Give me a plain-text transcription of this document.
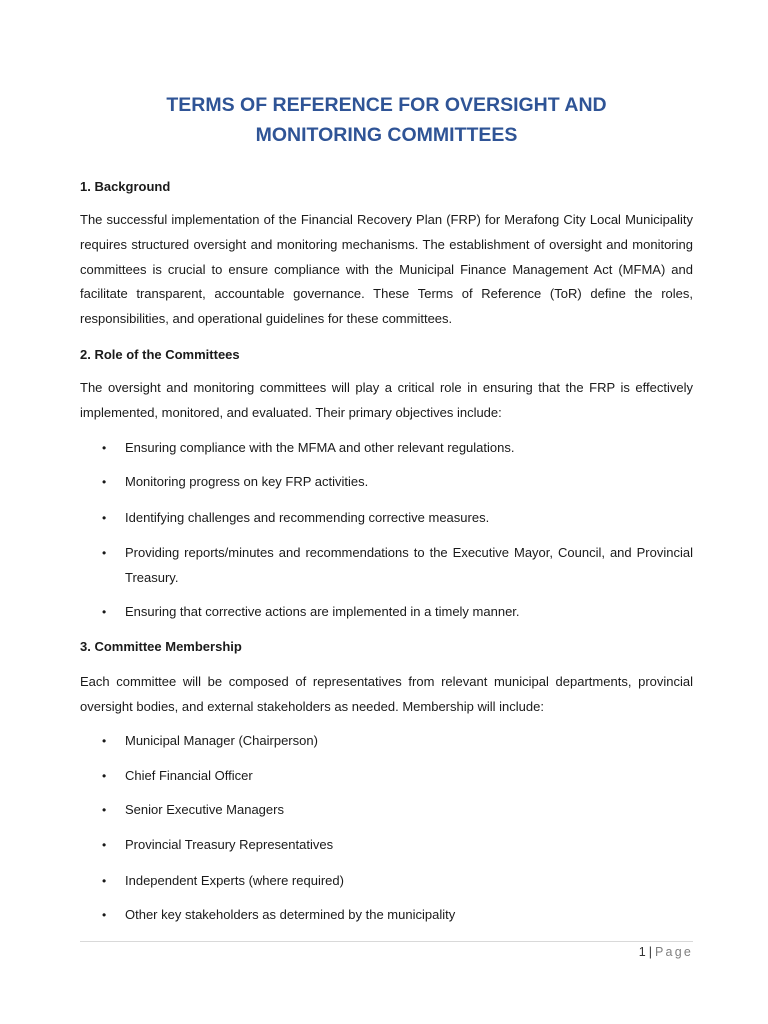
TERMS OF REFERENCE FOR OVERSIGHT AND
MONITORING COMMITTEES
1. Background

The successful implementation of the Financial Recovery Plan (FRP) for Merafong City Local Municipality requires structured oversight and monitoring mechanisms. The establishment of oversight and monitoring committees is crucial to ensure compliance with the Municipal Finance Management Act (MFMA) and facilitate transparent, accountable governance. These Terms of Reference (ToR) define the roles, responsibilities, and operational guidelines for these committees.

2. Role of the Committees

The oversight and monitoring committees will play a critical role in ensuring that the FRP is effectively implemented, monitored, and evaluated. Their primary objectives include:

• Ensuring compliance with the MFMA and other relevant regulations.
• Monitoring progress on key FRP activities.
• Identifying challenges and recommending corrective measures.
• Providing reports/minutes and recommendations to the Executive Mayor, Council, and Provincial Treasury.
• Ensuring that corrective actions are implemented in a timely manner.
3. Committee Membership

Each committee will be composed of representatives from relevant municipal departments, provincial oversight bodies, and external stakeholders as needed. Membership will include:

• Municipal Manager (Chairperson)
• Chief Financial Officer
• Senior Executive Managers
• Provincial Treasury Representatives
• Independent Experts (where required)
• Other key stakeholders as determined by the municipality
1 | Page
